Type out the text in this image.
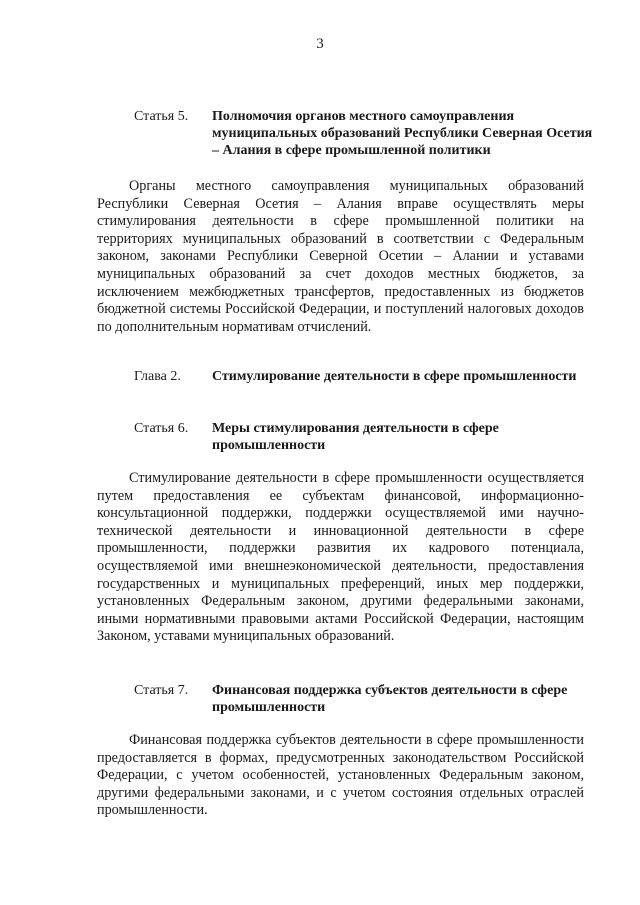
3
Статья 5. Полномочия органов местного самоуправления муниципальных образований Республики Северная Осетия – Алания в сфере промышленной политики

Органы местного самоуправления муниципальных образований Республики Северная Осетия – Алания вправе осуществлять меры стимулирования деятельности в сфере промышленной политики на территориях муниципальных образований в соответствии с Федеральным законом, законами Республики Северной Осетии – Алании и уставами муниципальных образований за счет доходов местных бюджетов, за исключением межбюджетных трансфертов, предоставленных из бюджетов бюджетной системы Российской Федерации, и поступлений налоговых доходов по дополнительным нормативам отчислений.

Глава 2. Стимулирование деятельности в сфере промышленности
Статья 6. Меры стимулирования деятельности в сфере промышленности

Стимулирование деятельности в сфере промышленности осуществляется путем предоставления ее субъектам финансовой, информационно-консультационной поддержки, поддержки осуществляемой ими научно-технической деятельности и инновационной деятельности в сфере промышленности, поддержки развития их кадрового потенциала, осуществляемой ими внешнеэкономической деятельности, предоставления государственных и муниципальных преференций, иных мер поддержки, установленных Федеральным законом, другими федеральными законами, иными нормативными правовыми актами Российской Федерации, настоящим Законом, уставами муниципальных образований.

Статья 7. Финансовая поддержка субъектов деятельности в сфере промышленности

Финансовая поддержка субъектов деятельности в сфере промышленности предоставляется в формах, предусмотренных законодательством Российской Федерации, с учетом особенностей, установленных Федеральным законом, другими федеральными законами, и с учетом состояния отдельных отраслей промышленности.
